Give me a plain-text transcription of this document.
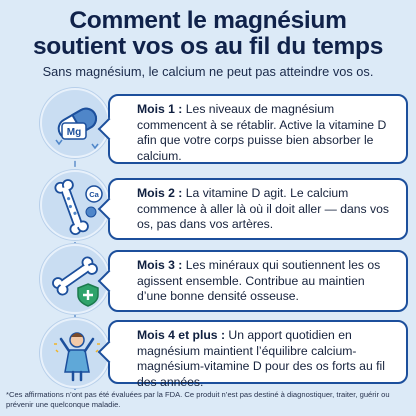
Comment le magnésium
soutient vos os au fil du temps
Sans magnésium, le calcium ne peut pas atteindre vos os.
Mg
Mois 1 : Les niveaux de magnésium commencent à se rétablir. Active la vitamine D afin que votre corps puisse bien absorber le calcium.
Ca	Mois 2 : La vitamine D agit. Le calcium commence à aller là où il doit aller — dans vos os, pas dans vos artères.
Mois 3 : Les minéraux qui soutiennent les os agissent ensemble. Contribue au maintien d’une bonne densité osseuse.
Mois 4 et plus : Un apport quotidien en magnésium maintient l’équilibre calcium-magnésium-vitamine D pour des os forts au fil des années.
*Ces affirmations n’ont pas été évaluées par la FDA. Ce produit n’est pas destiné à diagnostiquer, traiter, guérir ou prévenir une quelconque maladie.
